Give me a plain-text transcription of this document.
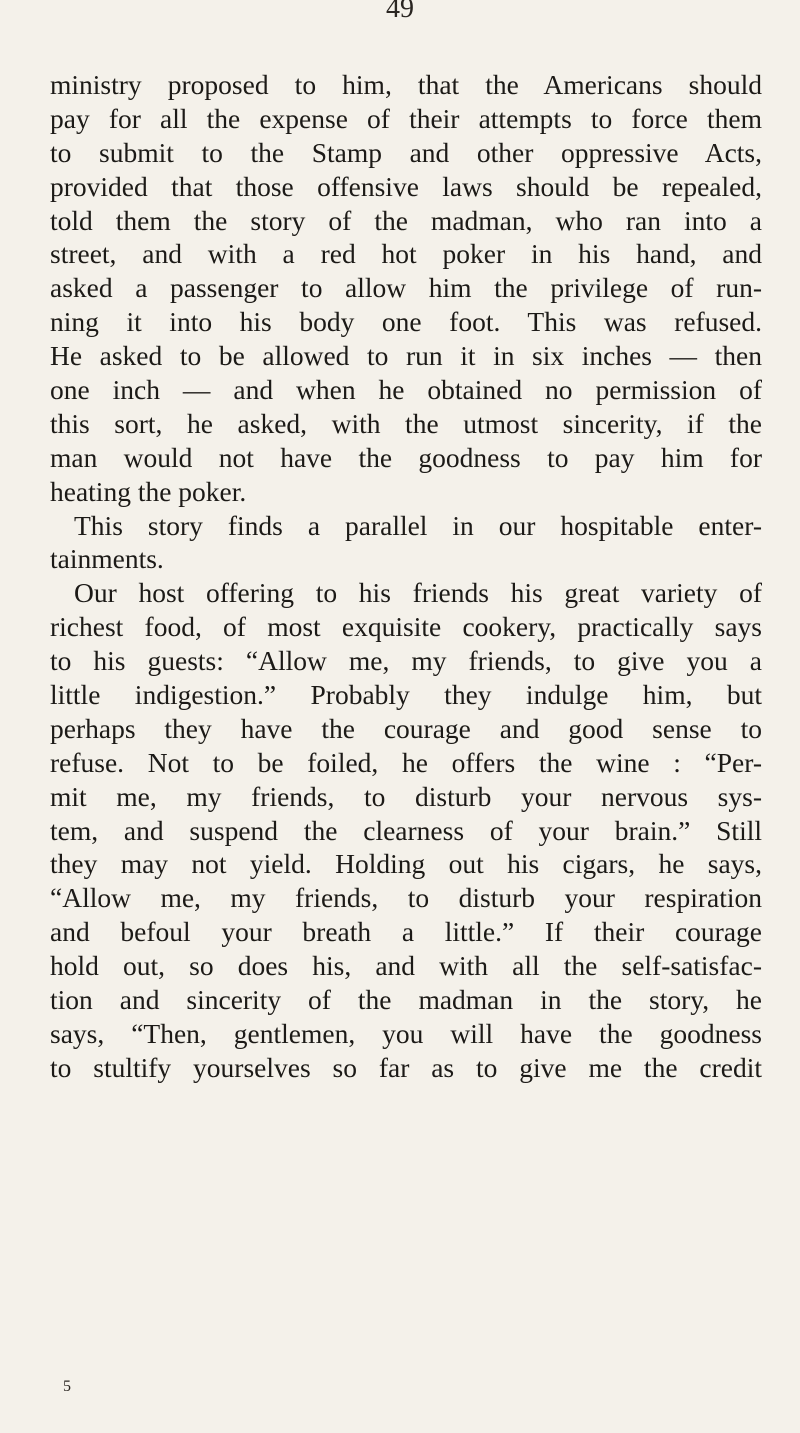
49
ministry proposed to him, that the Americans should
pay for all the expense of their attempts to force them
to submit to the Stamp and other oppressive Acts,
provided that those offensive laws should be repealed,
told them the story of the madman, who ran into a
street, and with a red hot poker in his hand, and
asked a passenger to allow him the privilege of run-
ning it into his body one foot. This was refused.
He asked to be allowed to run it in six inches — then
one inch — and when he obtained no permission of
this sort, he asked, with the utmost sincerity, if the
man would not have the goodness to pay him for
heating the poker.
This story finds a parallel in our hospitable enter-
tainments.
Our host offering to his friends his great variety of
richest food, of most exquisite cookery, practically says
to his guests: “Allow me, my friends, to give you a
little indigestion.” Probably they indulge him, but
perhaps they have the courage and good sense to
refuse. Not to be foiled, he offers the wine : “Per-
mit me, my friends, to disturb your nervous sys-
tem, and suspend the clearness of your brain.” Still
they may not yield. Holding out his cigars, he says,
“Allow me, my friends, to disturb your respiration
and befoul your breath a little.” If their courage
hold out, so does his, and with all the self-satisfac-
tion and sincerity of the madman in the story, he
says, “Then, gentlemen, you will have the goodness
to stultify yourselves so far as to give me the credit
5
